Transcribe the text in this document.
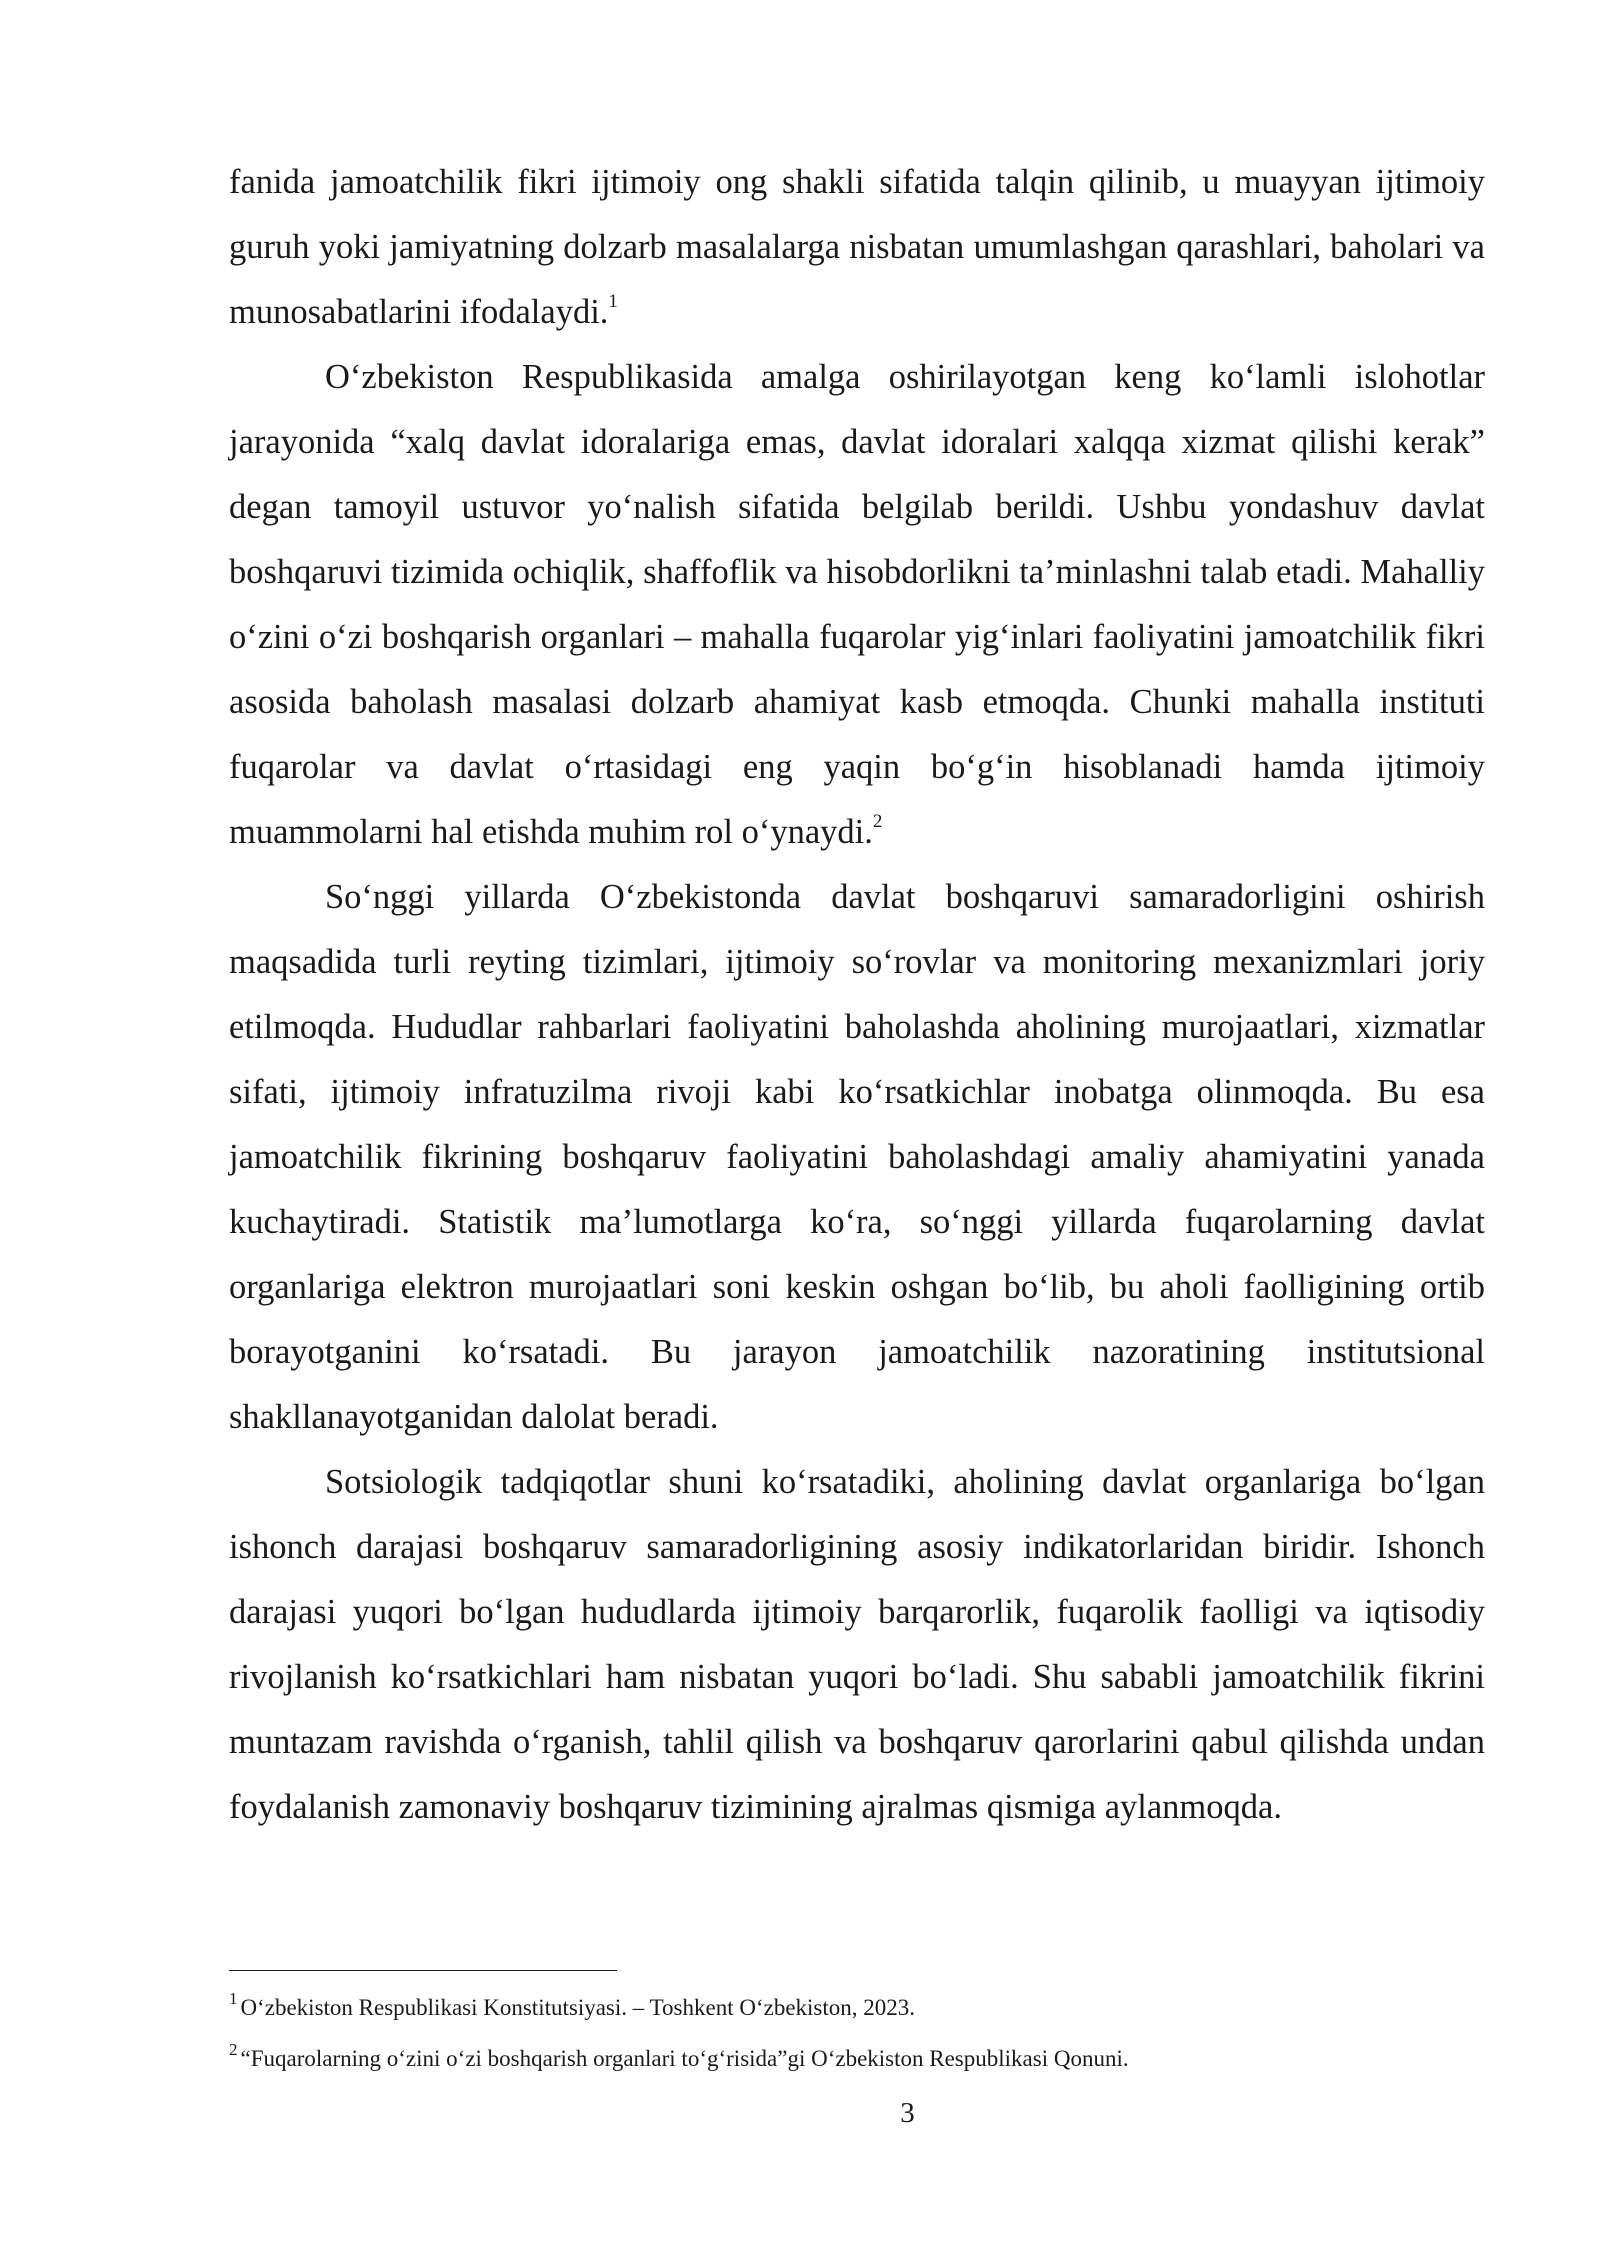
fanida jamoatchilik fikri ijtimoiy ong shakli sifatida talqin qilinib, u muayyan ijtimoiy guruh yoki jamiyatning dolzarb masalalarga nisbatan umumlashgan qarashlari, baholari va munosabatlarini ifodalaydi.$^1$

O‘zbekiston Respublikasida amalga oshirilayotgan keng ko‘lamli islohotlar jarayonida “xalq davlat idoralariga emas, davlat idoralari xalqqa xizmat qilishi kerak” degan tamoyil ustuvor yo‘nalish sifatida belgilab berildi. Ushbu yondashuv davlat boshqaruvi tizimida ochiqlik, shaffoflik va hisobdorlikni ta’minlashni talab etadi. Mahalliy o‘zini o‘zi boshqarish organlari – mahalla fuqarolar yig‘inlari faoliyatini jamoatchilik fikri asosida baholash masalasi dolzarb ahamiyat kasb etmoqda. Chunki mahalla instituti fuqarolar va davlat o‘rtasidagi eng yaqin bo‘g‘in hisoblanadi hamda ijtimoiy muammolarni hal etishda muhim rol o‘ynaydi.$^2$

So‘nggi yillarda O‘zbekistonda davlat boshqaruvi samaradorligini oshirish maqsadida turli reyting tizimlari, ijtimoiy so‘rovlar va monitoring mexanizmlari joriy etilmoqda. Hududlar rahbarlari faoliyatini baholashda aholining murojaatlari, xizmatlar sifati, ijtimoiy infratuzilma rivoji kabi ko‘rsatkichlar inobatga olinmoqda. Bu esa jamoatchilik fikrining boshqaruv faoliyatini baholashdagi amaliy ahamiyatini yanada kuchaytiradi. Statistik ma’lumotlarga ko‘ra, so‘nggi yillarda fuqarolarning davlat organlariga elektron murojaatlari soni keskin oshgan bo‘lib, bu aholi faolligining ortib borayotganini ko‘rsatadi. Bu jarayon jamoatchilik nazoratining institutsional shakllanayotganidan dalolat beradi.

Sotsiologik tadqiqotlar shuni ko‘rsatadiki, aholining davlat organlariga bo‘lgan ishonch darajasi boshqaruv samaradorligining asosiy indikatorlaridan biridir. Ishonch darajasi yuqori bo‘lgan hududlarda ijtimoiy barqarorlik, fuqarolik faolligi va iqtisodiy rivojlanish ko‘rsatkichlari ham nisbatan yuqori bo‘ladi. Shu sababli jamoatchilik fikrini muntazam ravishda o‘rganish, tahlil qilish va boshqaruv qarorlarini qabul qilishda undan foydalanish zamonaviy boshqaruv tizimining ajralmas qismiga aylanmoqda.

$^1$ O‘zbekiston Respublikasi Konstitutsiyasi. – Toshkent O‘zbekiston, 2023.

$^2$ “Fuqarolarning o‘zini o‘zi boshqarish organlari to‘g‘risida”gi O‘zbekiston Respublikasi Qonuni.

3
